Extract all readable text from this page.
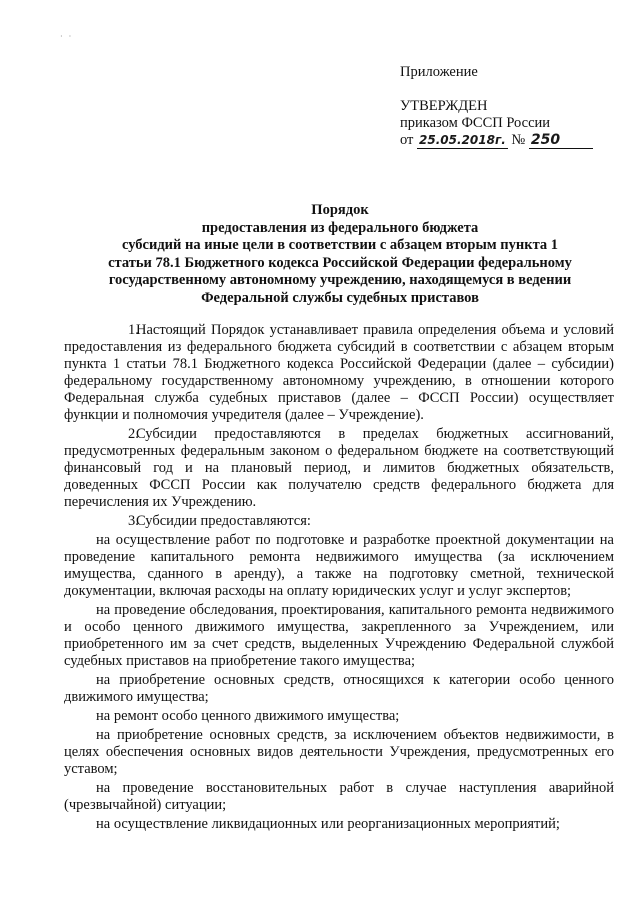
· ·
Приложение
УТВЕРЖДЕН
приказом ФССП России
от 25.05.2018г. № 250
Порядок
предоставления из федерального бюджета
субсидий на иные цели в соответствии с абзацем вторым пункта 1
статьи 78.1 Бюджетного кодекса Российской Федерации федеральному
государственному автономному учреждению, находящемуся в ведении
Федеральной службы судебных приставов

1.Настоящий Порядок устанавливает правила определения объема и условий предоставления из федерального бюджета субсидий в соответствии с абзацем вторым пункта 1 статьи 78.1 Бюджетного кодекса Российской Федерации (далее – субсидии) федеральному государственному автономному учреждению, в отношении которого Федеральная служба судебных приставов (далее – ФССП России) осуществляет функции и полномочия учредителя (далее – Учреждение).

2.Субсидии предоставляются в пределах бюджетных ассигнований, предусмотренных федеральным законом о федеральном бюджете на соответствующий финансовый год и на плановый период, и лимитов бюджетных обязательств, доведенных ФССП России как получателю средств федерального бюджета для перечисления их Учреждению.

3.Субсидии предоставляются:

на осуществление работ по подготовке и разработке проектной документации на проведение капитального ремонта недвижимого имущества (за исключением имущества, сданного в аренду), а также на подготовку сметной, технической документации, включая расходы на оплату юридических услуг и услуг экспертов;

на проведение обследования, проектирования, капитального ремонта недвижимого и особо ценного движимого имущества, закрепленного за Учреждением, или приобретенного им за счет средств, выделенных Учреждению Федеральной службой судебных приставов на приобретение такого имущества;

на приобретение основных средств, относящихся к категории особо ценного движимого имущества;

на ремонт особо ценного движимого имущества;

на приобретение основных средств, за исключением объектов недвижимости, в целях обеспечения основных видов деятельности Учреждения, предусмотренных его уставом;

на проведение восстановительных работ в случае наступления аварийной (чрезвычайной) ситуации;

на осуществление ликвидационных или реорганизационных мероприятий;
